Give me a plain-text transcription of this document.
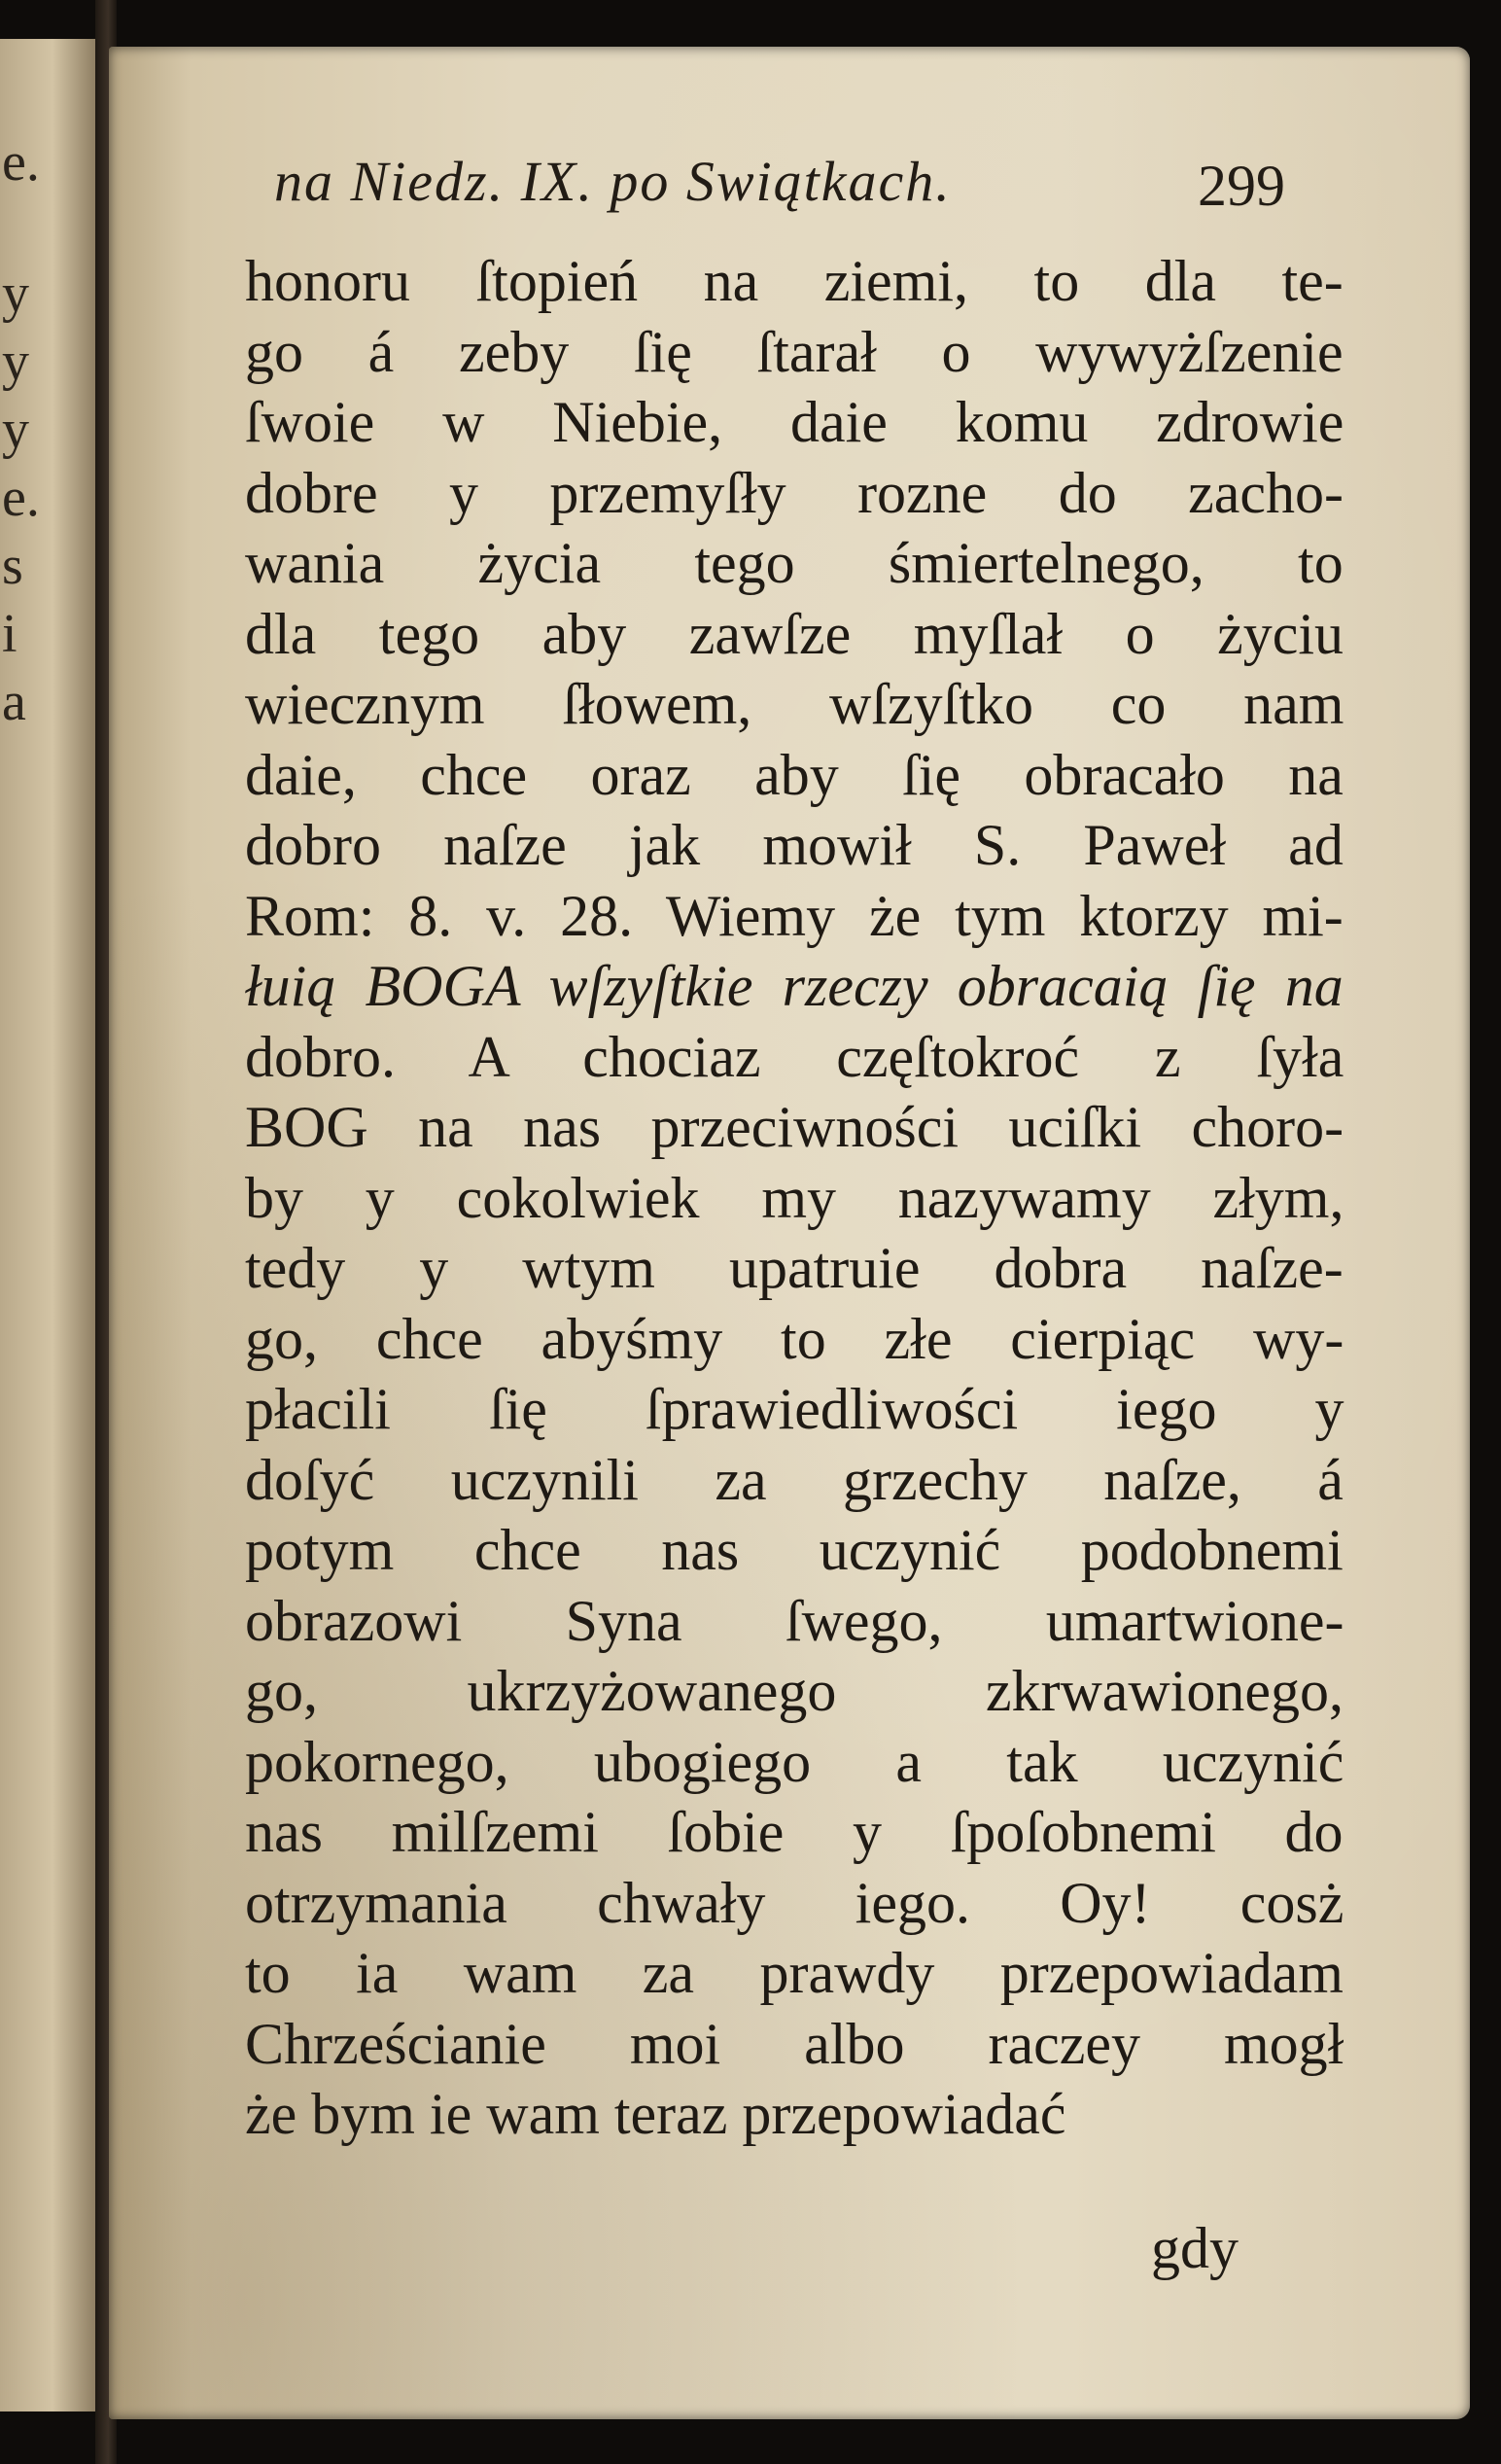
e.
y
y
y
e.
s
i
a
na Niedz. IX. po Swiątkach.	299
honoru ſtopień na ziemi, to dla te-
go á zeby ſię ſtarał o wywyżſzenie
ſwoie w Niebie, daie komu zdrowie
dobre y przemyſły rozne do zacho-
wania życia tego śmiertelnego, to
dla tego aby zawſze myſlał o życiu
wiecznym ſłowem, wſzyſtko co nam
daie, chce oraz aby ſię obracało na
dobro naſze jak mowił S. Paweł ad
Rom: 8. v. 28. Wiemy że tym ktorzy mi-
łuią BOGA wſzyſtkie rzeczy obracaią ſię na
dobro. A chociaz częſtokroć z ſyła
BOG na nas przeciwności uciſki choro-
by y cokolwiek my nazywamy złym,
tedy y wtym upatruie dobra naſze-
go, chce abyśmy to złe cierpiąc wy-
płacili ſię ſprawiedliwości iego y
doſyć uczynili za grzechy naſze, á
potym chce nas uczynić podobnemi
obrazowi Syna ſwego, umartwione-
go, ukrzyżowanego zkrwawionego,
pokornego, ubogiego a tak uczynić
nas milſzemi ſobie y ſpoſobnemi do
otrzymania chwały iego. Oy! cosż
to ia wam za prawdy przepowiadam
Chrześcianie moi albo raczey mogł
że bym ie wam teraz przepowiadać
gdy
